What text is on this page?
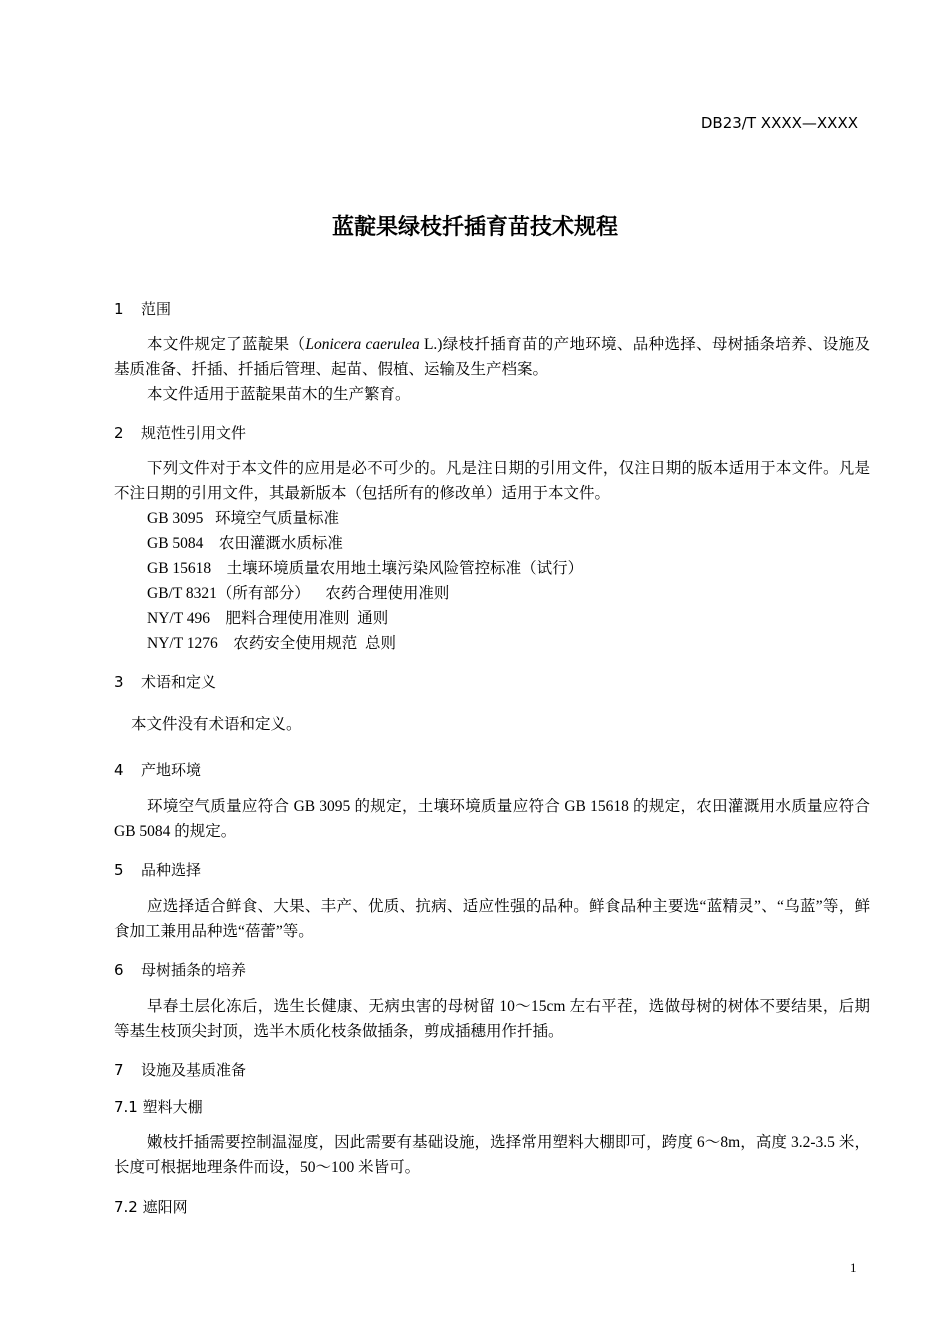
DB23/T XXXX—XXXX
蓝靛果绿枝扦插育苗技术规程
1 范围
本文件规定了蓝靛果（Lonicera caerulea L.)绿枝扦插育苗的产地环境、品种选择、母树插条培养、设施及基质准备、扦插、扦插后管理、起苗、假植、运输及生产档案。
本文件适用于蓝靛果苗木的生产繁育。
2 规范性引用文件
下列文件对于本文件的应用是必不可少的。凡是注日期的引用文件，仅注日期的版本适用于本文件。凡是不注日期的引用文件，其最新版本（包括所有的修改单）适用于本文件。
GB 3095   环境空气质量标准
GB 5084    农田灌溉水质标准
GB 15618    土壤环境质量农用地土壤污染风险管控标准（试行）
GB/T 8321（所有部分）    农药合理使用准则
NY/T 496    肥料合理使用准则  通则
NY/T 1276    农药安全使用规范  总则
3 术语和定义
本文件没有术语和定义。
4 产地环境
环境空气质量应符合 GB 3095 的规定，土壤环境质量应符合 GB 15618 的规定，农田灌溉用水质量应符合 GB 5084 的规定。
5 品种选择
应选择适合鲜食、大果、丰产、优质、抗病、适应性强的品种。鲜食品种主要选“蓝精灵”、“乌蓝”等，鲜食加工兼用品种选“蓓蕾”等。
6 母树插条的培养
早春土层化冻后，选生长健康、无病虫害的母树留 10～15cm 左右平茬，选做母树的树体不要结果，后期等基生枝顶尖封顶，选半木质化枝条做插条，剪成插穗用作扦插。
7 设施及基质准备
7.1 塑料大棚
嫩枝扦插需要控制温湿度，因此需要有基础设施，选择常用塑料大棚即可，跨度 6～8m，高度 3.2-3.5 米，长度可根据地理条件而设，50～100 米皆可。
7.2 遮阳网
1
